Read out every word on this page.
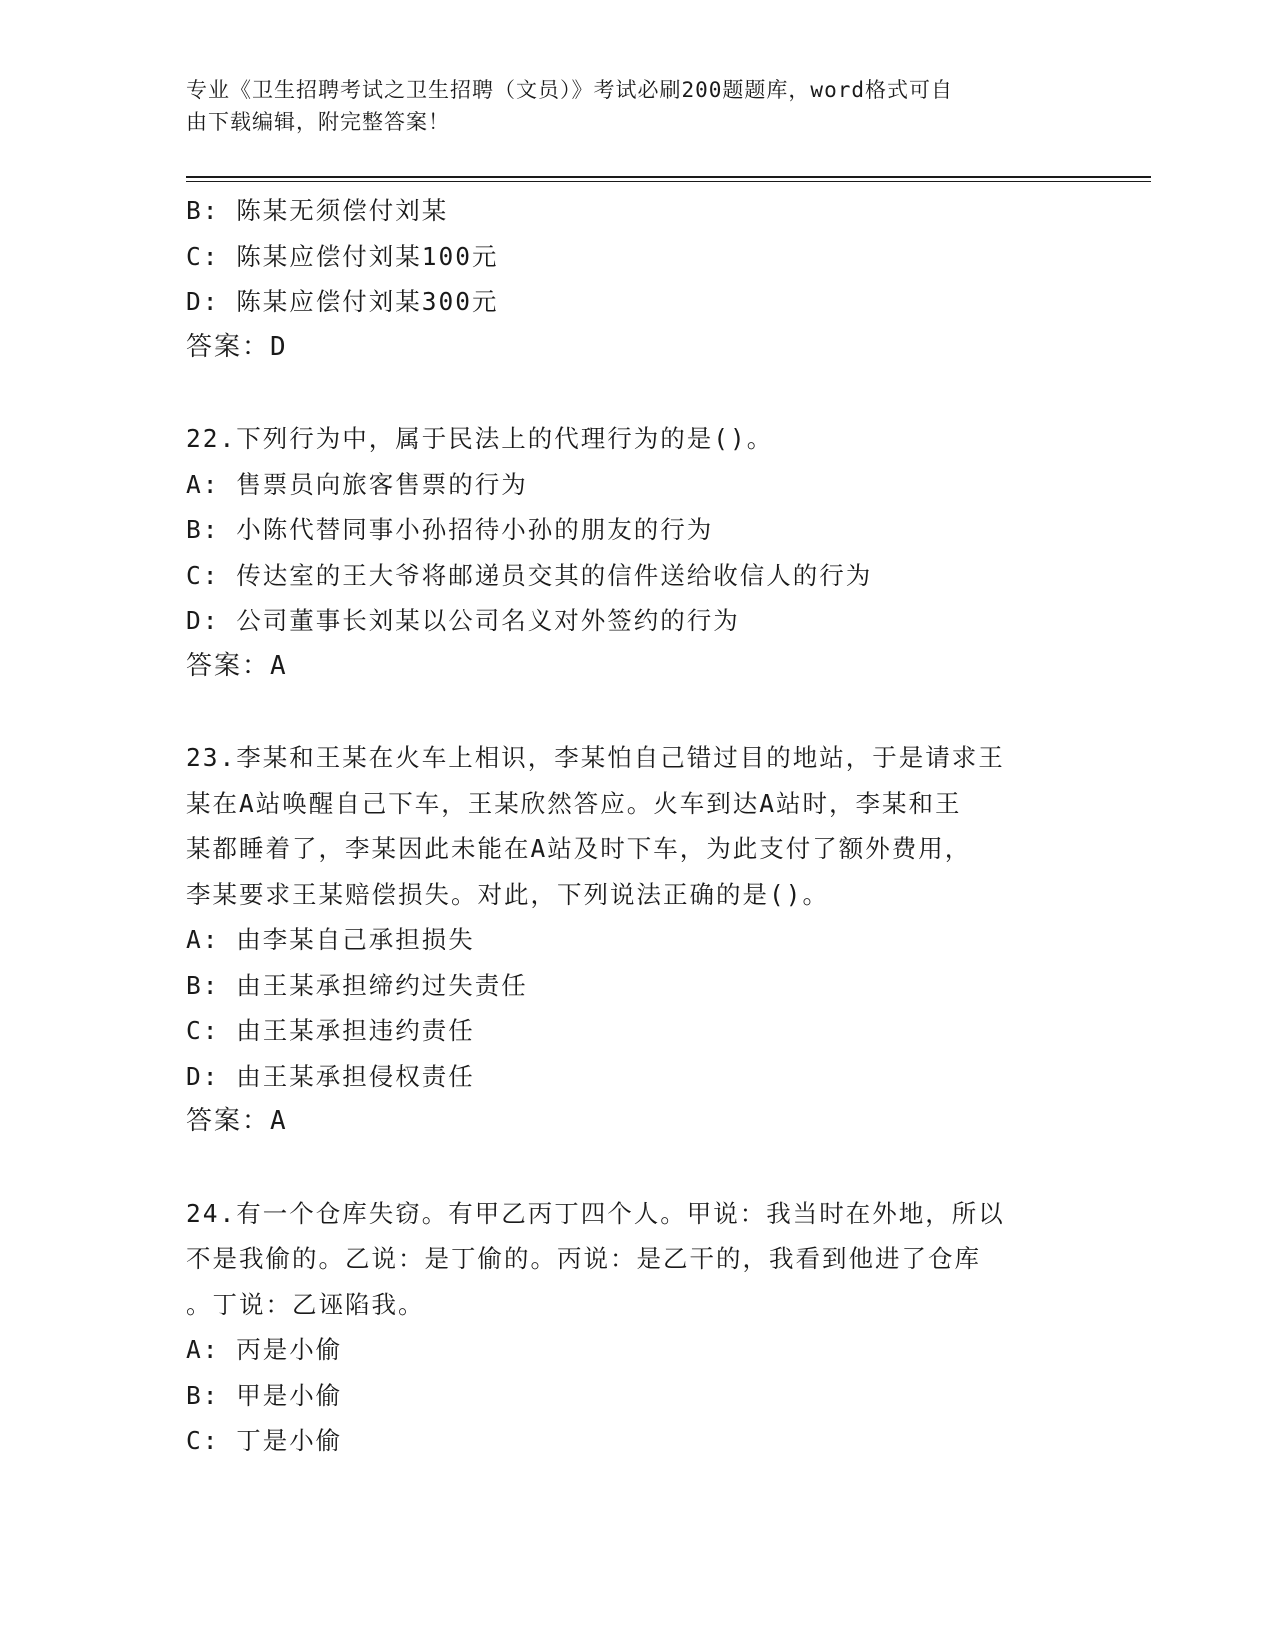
专业《卫生招聘考试之卫生招聘（文员）》考试必刷200题题库，word格式可自
由下载编辑，附完整答案！
B: 陈某无须偿付刘某
C: 陈某应偿付刘某100元
D: 陈某应偿付刘某300元
答案：D
22.下列行为中，属于民法上的代理行为的是()。
A: 售票员向旅客售票的行为
B: 小陈代替同事小孙招待小孙的朋友的行为
C: 传达室的王大爷将邮递员交其的信件送给收信人的行为
D: 公司董事长刘某以公司名义对外签约的行为
答案：A
23.李某和王某在火车上相识，李某怕自己错过目的地站，于是请求王
某在A站唤醒自己下车，王某欣然答应。火车到达A站时，李某和王
某都睡着了，李某因此未能在A站及时下车，为此支付了额外费用，
李某要求王某赔偿损失。对此，下列说法正确的是()。
A: 由李某自己承担损失
B: 由王某承担缔约过失责任
C: 由王某承担违约责任
D: 由王某承担侵权责任
答案：A
24.有一个仓库失窃。有甲乙丙丁四个人。甲说：我当时在外地，所以
不是我偷的。乙说：是丁偷的。丙说：是乙干的，我看到他进了仓库
。丁说：乙诬陷我。
A: 丙是小偷
B: 甲是小偷
C: 丁是小偷
